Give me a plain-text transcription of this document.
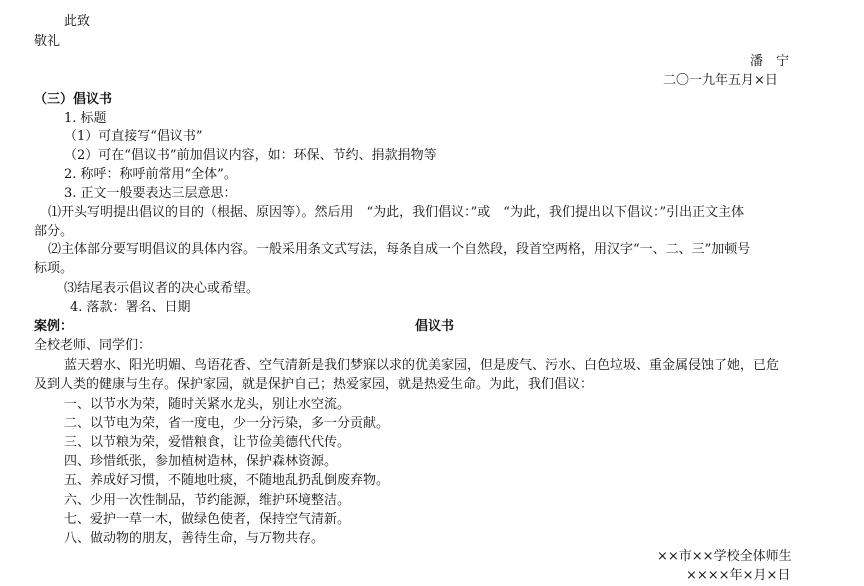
此致
敬礼
潘　宁
二〇一九年五月×日
（三）倡议书
1. 标题
（1）可直接写“倡议书”
（2）可在“倡议书”前加倡议内容，如：环保、节约、捐款捐物等
2. 称呼：称呼前常用“全体”。
3. 正文一般要表达三层意思：
⑴开头写明提出倡议的目的（根据、原因等）。然后用　“为此，我们倡议：”或　“为此，我们提出以下倡议：”引出正文主体
部分。
⑵主体部分要写明倡议的具体内容。一般采用条文式写法，每条自成一个自然段，段首空两格，用汉字“一、二、三”加顿号
标项。
⑶结尾表示倡议者的决心或希望。
4. 落款：署名、日期
案例：	倡议书
全校老师、同学们：
蓝天碧水、阳光明媚、鸟语花香、空气清新是我们梦寐以求的优美家园，但是废气、污水、白色垃圾、重金属侵蚀了她，已危
及到人类的健康与生存。保护家园，就是保护自己；热爱家园，就是热爱生命。为此，我们倡议：
一、以节水为荣，随时关紧水龙头，别让水空流。
二、以节电为荣，省一度电，少一分污染，多一分贡献。
三、以节粮为荣，爱惜粮食，让节俭美德代代传。
四、珍惜纸张，参加植树造林，保护森林资源。
五、养成好习惯，不随地吐痰，不随地乱扔乱倒废弃物。
六、少用一次性制品，节约能源，维护环境整洁。
七、爱护一草一木，做绿色使者，保持空气清新。
八、做动物的朋友，善待生命，与万物共存。
××市××学校全体师生
××××年×月×日
